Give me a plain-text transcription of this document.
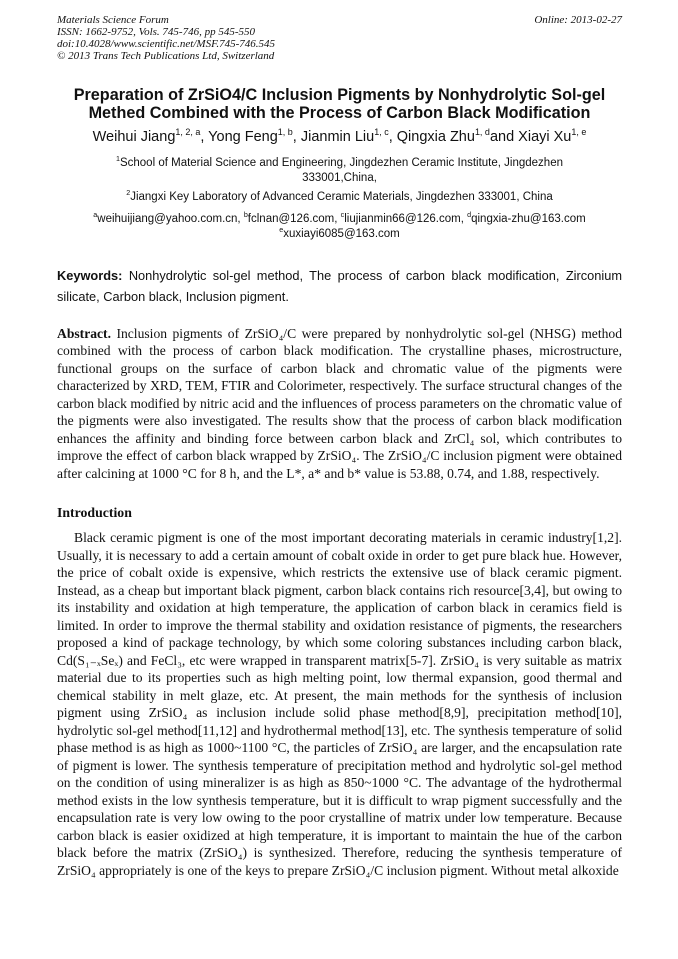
Materials Science Forum
ISSN: 1662-9752, Vols. 745-746, pp 545-550
doi:10.4028/www.scientific.net/MSF.745-746.545
© 2013 Trans Tech Publications Ltd, Switzerland
Online: 2013-02-27
Preparation of ZrSiO4/C Inclusion Pigments by Nonhydrolytic Sol-gel
Methed Combined with the Process of Carbon Black Modification

Weihui Jiang$^{1, 2, a}$, Yong Feng$^{1, b}$, Jianmin Liu$^{1, c}$, Qingxia Zhu$^{1, d}$and Xiayi Xu$^{1, e}$

$^1$School of Material Science and Engineering, Jingdezhen Ceramic Institute, Jingdezhen
333001,China,

$^2$Jiangxi Key Laboratory of Advanced Ceramic Materials, Jingdezhen 333001, China

$^a$weihuijiang@yahoo.com.cn, $^b$fclnan@126.com, $^c$liujianmin66@126.com, $^d$qingxia-zhu@163.com
$^e$xuxiayi6085@163.com

Keywords: Nonhydrolytic sol-gel method, The process of carbon black modification, Zirconium silicate, Carbon black, Inclusion pigment.

Abstract. Inclusion pigments of ZrSiO₄/C were prepared by nonhydrolytic sol-gel (NHSG) method combined with the process of carbon black modification. The crystalline phases, microstructure, functional groups on the surface of carbon black and chromatic value of the pigments were characterized by XRD, TEM, FTIR and Colorimeter, respectively. The surface structural changes of the carbon black modified by nitric acid and the influences of process parameters on the chromatic value of the pigments were also investigated. The results show that the process of carbon black modification enhances the affinity and binding force between carbon black and ZrCl₄ sol, which contributes to improve the effect of carbon black wrapped by ZrSiO₄. The ZrSiO₄/C inclusion pigment were obtained after calcining at 1000 °C for 8 h, and the L*, a* and b* value is 53.88, 0.74, and 1.88, respectively.

Introduction

Black ceramic pigment is one of the most important decorating materials in ceramic industry[1,2]. Usually, it is necessary to add a certain amount of cobalt oxide in order to get pure black hue. However, the price of cobalt oxide is expensive, which restricts the extensive use of black ceramic pigment. Instead, as a cheap but important black pigment, carbon black contains rich resource[3,4], but owing to its instability and oxidation at high temperature, the application of carbon black in ceramics field is limited. In order to improve the thermal stability and oxidation resistance of pigments, the researchers proposed a kind of package technology, by which some coloring substances including carbon black, Cd(S₁₋ₓSeₓ) and FeCl₃, etc were wrapped in transparent matrix[5-7]. ZrSiO₄ is very suitable as matrix material due to its properties such as high melting point, low thermal expansion, good thermal and chemical stability in melt glaze, etc. At present, the main methods for the synthesis of inclusion pigment using ZrSiO₄ as inclusion include solid phase method[8,9], precipitation method[10], hydrolytic sol-gel method[11,12] and hydrothermal method[13], etc. The synthesis temperature of solid phase method is as high as 1000~1100 °C, the particles of ZrSiO₄ are larger, and the encapsulation rate of pigment is lower. The synthesis temperature of precipitation method and hydrolytic sol-gel method on the condition of using mineralizer is as high as 850~1000 °C. The advantage of the hydrothermal method exists in the low synthesis temperature, but it is difficult to wrap pigment successfully and the encapsulation rate is very low owing to the poor crystalline of matrix under low temperature. Because carbon black is easier oxidized at high temperature, it is important to maintain the hue of the carbon black before the matrix (ZrSiO₄) is synthesized. Therefore, reducing the synthesis temperature of ZrSiO₄ appropriately is one of the keys to prepare ZrSiO₄/C inclusion pigment. Without metal alkoxide
